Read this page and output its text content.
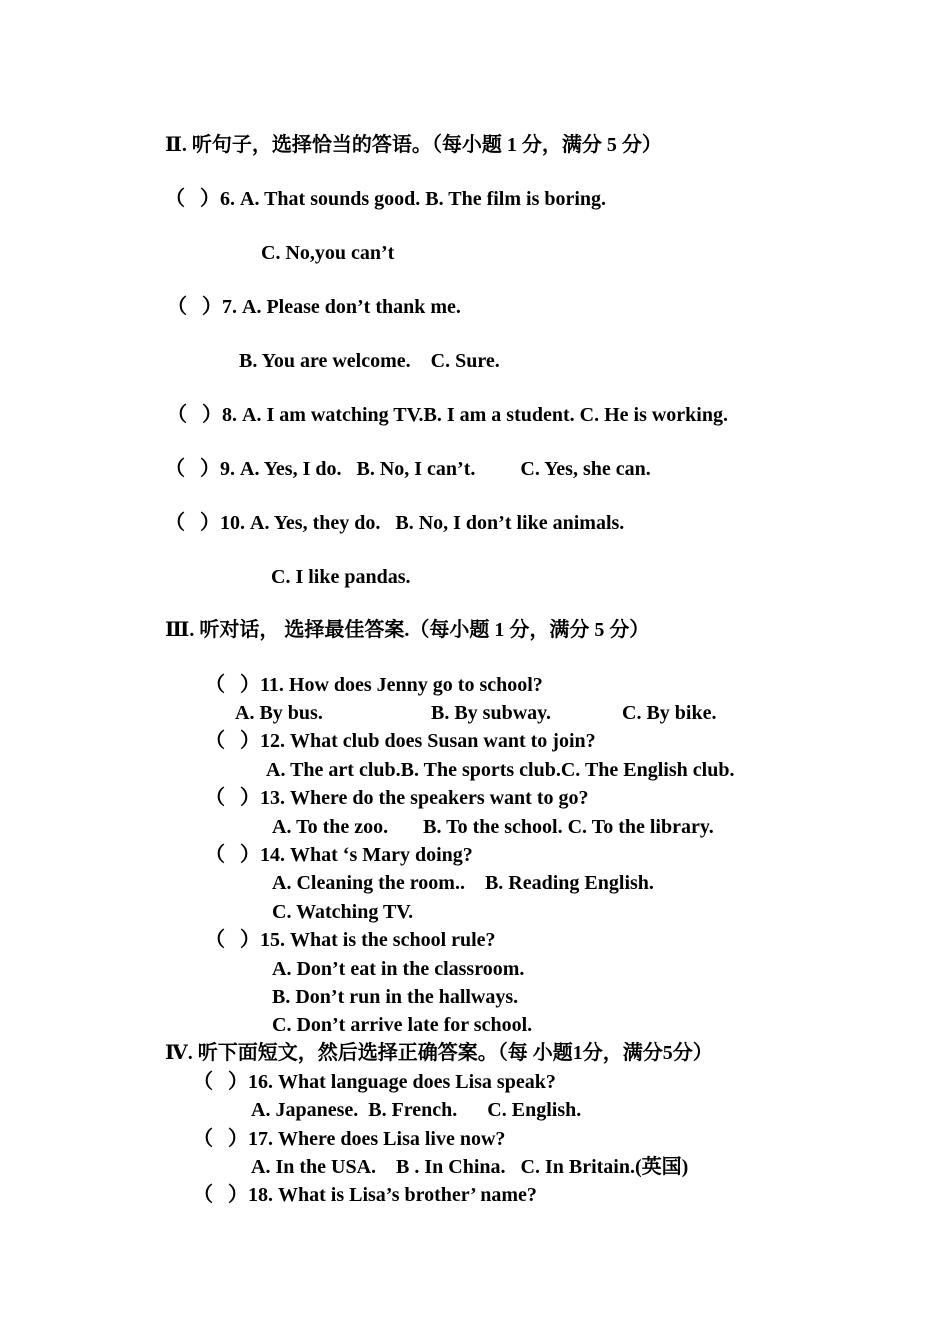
Ⅱ. 听句子，选择恰当的答语。（每小题 1 分，满分 5 分）
（   ）6. A. That sounds good. B. The film is boring.
C. No,you can’t
（   ）7. A. Please don’t thank me.
B. You are welcome.    C. Sure.
（   ）8. A. I am watching TV.B. I am a student. C. He is working.
（   ）9. A. Yes, I do.   B. No, I can’t.         C. Yes, she can.
（   ）10. A. Yes, they do.   B. No, I don’t like animals.
C. I like pandas.
Ⅲ. 听对话， 选择最佳答案.（每小题 1 分，满分 5 分）
（   ）11. How does Jenny go to school?
A. By bus.	B. By subway.	C. By bike.
（   ）12. What club does Susan want to join?
A. The art club.B. The sports club.C. The English club.
（   ）13. Where do the speakers want to go?
A. To the zoo.       B. To the school. C. To the library.
（   ）14. What ‘s Mary doing?
A. Cleaning the room..    B. Reading English.
C. Watching TV.
（   ）15. What is the school rule?
A. Don’t eat in the classroom.
B. Don’t run in the hallways.
C. Don’t arrive late for school.
Ⅳ. 听下面短文，然后选择正确答案。（每 小题1分，满分5分）
（   ）16. What language does Lisa speak?
A. Japanese.  B. French.      C. English.
（   ）17. Where does Lisa live now?
A. In the USA.    B . In China.   C. In Britain.(英国)
（   ）18. What is Lisa’s brother’ name?
